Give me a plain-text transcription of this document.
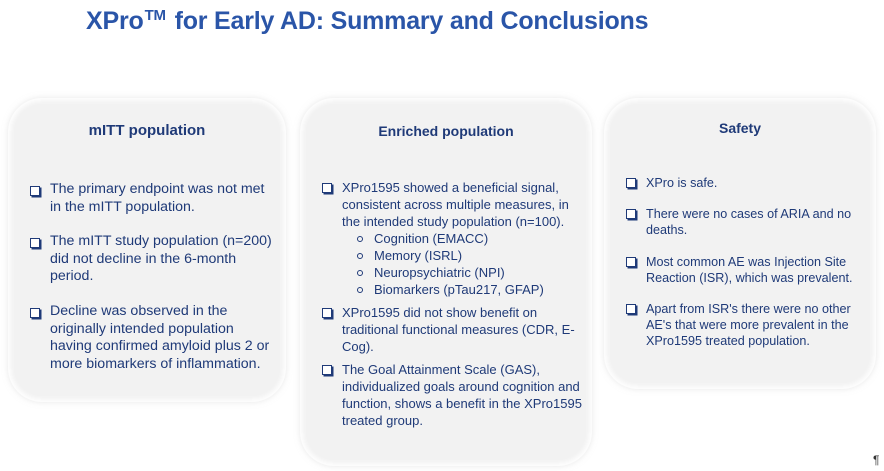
XPro™ for Early AD: Summary and Conclusions
mITT population
The primary endpoint was not met in the mITT population.
The mITT study population (n=200) did not decline in the 6-month period.
Decline was observed in the originally intended population having confirmed amyloid plus 2 or more biomarkers of inflammation.
Enriched population
XPro1595 showed a beneficial signal, consistent across multiple measures, in the intended study population (n=100).
Cognition (EMACC)
Memory (ISRL)
Neuropsychiatric (NPI)
Biomarkers (pTau217, GFAP)
XPro1595 did not show benefit on traditional functional measures (CDR, E-Cog).
The Goal Attainment Scale (GAS), individualized goals around cognition and function, shows a benefit in the XPro1595 treated group.
Safety
XPro is safe.
There were no cases of ARIA and no deaths.
Most common AE was Injection Site Reaction (ISR), which was prevalent.
Apart from ISR's there were no other AE's that were more prevalent in the XPro1595 treated population.
¶
